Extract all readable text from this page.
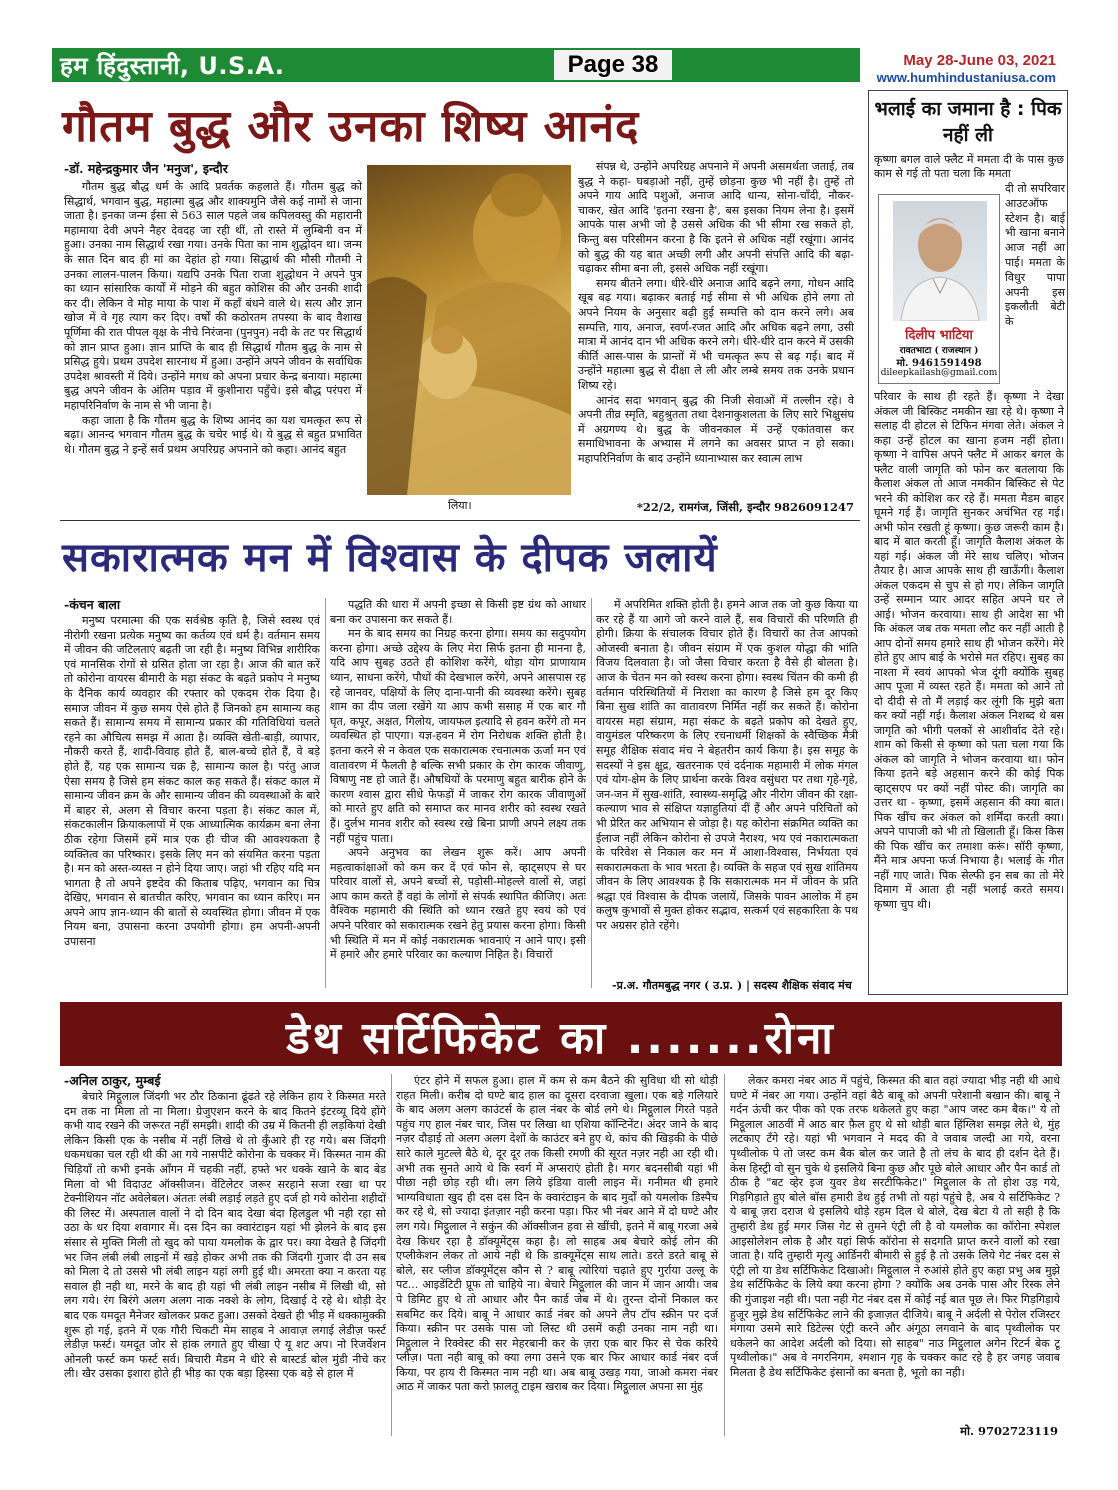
हम हिंदुस्तानी, U.S.A.	Page 38	May 28-June 03, 2021
www.humhindustaniusa.com
गौतम बुद्ध और उनका शिष्य आनंद
-डॉ. महेन्द्रकुमार जैन 'मनुज', इन्दौर

गौतम बुद्ध बौद्ध धर्म के आदि प्रवर्तक कहलाते हैं। गौतम बुद्ध को सिद्धार्थ, भगवान बुद्ध, महात्मा बुद्ध और शाक्यमुनि जैसे कई नामों से जाना जाता है। इनका जन्म ईसा से 563 साल पहले जब कपिलवस्तु की महारानी महामाया देवी अपने नैहर देवदह जा रही थीं, तो रास्ते में लुम्बिनी वन में हुआ। उनका नाम सिद्धार्थ रखा गया। उनके पिता का नाम शुद्धोदन था। जन्म के सात दिन बाद ही मां का देहांत हो गया। सिद्धार्थ की मौसी गौतमी ने उनका लालन-पालन किया। यद्यपि उनके पिता राजा शुद्धोधन ने अपने पुत्र का ध्यान सांसारिक कार्यों में मोड़ने की बहुत कोशिस की और उनकी शादी कर दी। लेकिन वे मोह माया के पाश में कहाँ बंधने वाले थे। सत्य और ज्ञान खोज में वे गृह त्याग कर दिए। वर्षों की कठोरतम तपस्या के बाद वैशाख पूर्णिमा की रात पीपल वृक्ष के नीचे निरंजना (पुनपुन) नदी के तट पर सिद्धार्थ को ज्ञान प्राप्त हुआ। ज्ञान प्राप्ति के बाद ही सिद्धार्थ गौतम बुद्ध के नाम से प्रसिद्ध हुये। प्रथम उपदेश सारनाथ में हुआ। उन्होंने अपने जीवन के सर्वाधिक उपदेश श्रावस्ती में दिये। उन्होंने मगध को अपना प्रचार केन्द्र बनाया। महात्मा बुद्ध अपने जीवन के अंतिम पड़ाव में कुशीनारा पहुँचे। इसे बौद्ध परंपरा में महापरिनिर्वाण के नाम से भी जाना है।

कहा जाता है कि गौतम बुद्ध के शिष्य आनंद का यश चमत्कृत रूप से बढ़ा। आनन्द भगवान गौतम बुद्ध के चचेर भाई थे। ये बुद्ध से बहुत प्रभावित थे। गौतम बुद्ध ने इन्हें सर्व प्रथम अपरिग्रह अपनाने को कहा। आनंद बहुत

लिया।

संपन्न थे, उन्होंने अपरिग्रह अपनाने में अपनी असमर्थता जताई, तब बुद्ध ने कहा- घबड़ाओ नहीं, तुम्हें छोड़ना कुछ भी नहीं है। तुम्हें तो अपने गाय आदि पशुओं, अनाज आदि धान्य, सोना-चाँदी, नौकर-चाकर, खेत आदि 'इतना रखना है', बस इसका नियम लेना है। इसमें आपके पास अभी जो है उससे अधिक की भी सीमा रख सकते हो, किन्तु बस परिसीमन करना है कि इतने से अधिक नहीं रखूंगा। आनंद को बुद्ध की यह बात अच्छी लगी और अपनी संपत्ति आदि की बढ़ा-चढ़ाकर सीमा बना ली, इससे अधिक नहीं रखूंगा।

समय बीतने लगा। धीरे-धीरे अनाज आदि बढ़ने लगा, गोधन आदि खूब बढ़ गया। बढ़ाकर बताई गई सीमा से भी अधिक होने लगा तो अपने नियम के अनुसार बढ़ी हुई सम्पत्ति को दान करने लगे। अब सम्पत्ति, गाय, अनाज, स्वर्ण-रजत आदि और अधिक बढ़ने लगा, उसी मात्रा में आनंद दान भी अधिक करने लगे। धीरे-धीरे दान करने में उसकी कीर्ति आस-पास के प्रान्तों में भी चमत्कृत रूप से बढ़ गई। बाद में उन्होंने महात्मा बुद्ध से दीक्षा ले ली और लम्बे समय तक उनके प्रधान शिष्य रहे।

आनंद सदा भगवान् बुद्ध की निजी सेवाओं में तल्लीन रहे। वे अपनी तीव्र स्मृति, बहुश्रुतता तथा देशनाकुशलता के लिए सारे भिक्षुसंघ में अग्रगण्य थे। बुद्ध के जीवनकाल में उन्हें एकांतवास कर समाधिभावना के अभ्यास में लगने का अवसर प्राप्त न हो सका। महापरिनिर्वाण के बाद उन्होंने ध्यानाभ्यास कर स्वात्म लाभ

*22/2, रामगंज, जिंसी, इन्दौर 9826091247
भलाई का जमाना है : पिक नहीं ली
कृष्णा बगल वाले फ्लैट में ममता दी के पास कुछ काम से गई तो पता चला कि ममता
दिलीप भाटिया
रावतभाटा ( राजस्थान )
मो. 9461591498
dileepkailash@gmail.com
दी तो सपरिवार आउटऑफ स्टेशन है। बाई भी खाना बनाने आज नहीं आ पाई। ममता के विधुर पापा अपनी इस इकलौती बेटी के
परिवार के साथ ही रहते हैं। कृष्णा ने देखा अंकल जी बिस्किट नमकीन खा रहे थे। कृष्णा ने सलाह दी होटल से टिफिन मंगवा लेते। अंकल ने कहा उन्हें होटल का खाना हजम नहीं होता। कृष्णा ने वापिस अपने फ्लैट में आकर बगल के फ्लैट वाली जागृति को फोन कर बतलाया कि कैलाश अंकल तो आज नमकीन बिस्किट से पेट भरने की कोशिश कर रहे हैं। ममता मैडम बाहर घूमने गई हैं। जागृति सुनकर अचंभित रह गई। अभी फोन रखती हूं कृष्णा। कुछ जरूरी काम है। बाद में बात करती हूँ। जागृति कैलाश अंकल के यहां गई। अंकल जी मेरे साथ चलिए। भोजन तैयार है। आज आपके साथ ही खाऊँगी। कैलाश अंकल एकदम से चुप से हो गए। लेकिन जागृति उन्हें सम्मान प्यार आदर सहित अपने घर ले आई। भोजन करवाया। साथ ही आदेश सा भी कि अंकल जब तक ममता लौट कर नहीं आती है आप दोनों समय हमारे साथ ही भोजन करेंगे। मेरे होते हुए आप बाई के भरोसे मत रहिए। सुबह का नाश्ता में स्वयं आपको भेज दूंगी क्योंकि सुबह आप पूजा में व्यस्त रहते हैं। ममता को आने तो दो दीदी से तो मैं लड़ाई कर लूंगी कि मुझे बता कर क्यों नहीं गई। कैलाश अंकल निशब्द थे बस जागृति को भीगी पलकों से आशीर्वाद देते रहे। शाम को किसी से कृष्णा को पता चला गया कि अंकल को जागृति ने भोजन करवाया था। फोन किया इतने बड़े अहसान करने की कोई पिक व्हाट्सएप पर क्यों नहीं पोस्ट की। जागृति का उत्तर था - कृष्णा, इसमें अहसान की क्या बात। पिक खींच कर अंकल को शर्मिंदा करती क्या। अपने पापाजी को भी तो खिलाती हूँ। किस किस की पिक खींच कर तमाशा करूं। सॉरी कृष्णा, मैंने मात्र अपना फर्ज निभाया है। भलाई के गीत नहीं गाए जाते। पिक सेल्फी इन सब का तो मेरे दिमाग में आता ही नहीं भलाई करते समय। कृष्णा चुप थी।
सकारात्मक मन में विश्वास के दीपक जलायें
-कंचन बाला

मनुष्य परमात्मा की एक सर्वश्रेष्ठ कृति है, जिसे स्वस्थ एवं नीरोगी रखना प्रत्येक मनुष्य का कर्तव्य एवं धर्म है। वर्तमान समय में जीवन की जटिलताएं बढ़ती जा रही है। मनुष्य विभिन्न शारीरिक एवं मानसिक रोगों से ग्रसित होता जा रहा है। आज की बात करें तो कोरोना वायरस बीमारी के महा संकट के बढ़ते प्रकोप ने मनुष्य के दैनिक कार्य व्यवहार की रफ्तार को एकदम रोक दिया है। समाज जीवन में कुछ समय ऐसे होते हैं जिनको हम सामान्य कह सकते हैं। सामान्य समय में सामान्य प्रकार की गतिविधियां चलते रहने का औचित्य समझ में आता है। व्यक्ति खेती-बाड़ी, व्यापार, नौकरी करते हैं, शादी-विवाह होते हैं, बाल-बच्चे होते हैं, वे बड़े होते हैं, यह एक सामान्य चक्र है, सामान्य काल है। परंतु आज ऐसा समय है जिसे हम संकट काल कह सकते हैं। संकट काल में सामान्य जीवन क्रम के और सामान्य जीवन की व्यवस्थाओं के बारे में बाहर से, अलग से विचार करना पड़ता है। संकट काल में, संकटकालीन क्रियाकलापों में एक आध्यात्मिक कार्यक्रम बना लेना ठीक रहेगा जिसमें हमें मात्र एक ही चीज की आवश्यकता है व्यक्तित्व का परिष्कार। इसके लिए मन को संयमित करना पड़ता है। मन को अस्त-व्यस्त न होने दिया जाए। जहां भी रहिए यदि मन भागता है तो अपने इष्टदेव की किताब पढ़िए, भगवान का चित्र देखिए, भगवान से बातचीत करिए, भगवान का ध्यान करिए। मन अपने आप ज्ञान-ध्यान की बातों से व्यवस्थित होगा। जीवन में एक नियम बना, उपासना करना उपयोगी होगा। हम अपनी-अपनी उपासना

पद्धति की धारा में अपनी इच्छा से किसी इष्ट ग्रंथ को आधार बना कर उपासना कर सकते हैं।

मन के बाद समय का निग्रह करना होगा। समय का सदुपयोग करना होगा। अच्छे उद्देश्य के लिए मेरा सिर्फ इतना ही मानना है, यदि आप सुबह उठते ही कोशिश करेंगे, थोड़ा योग प्राणायाम ध्यान, साधना करेंगे, पौधों की देखभाल करेंगे, अपने आसपास रह रहे जानवर, पक्षियों के लिए दाना-पानी की व्यवस्था करेंगे। सुबह शाम का दीप जला रखेंगे या आप कभी ससाह में एक बार गौ घृत, कपूर, अक्षत, गिलोय, जायफल इत्यादि से हवन करेंगे तो मन व्यवस्थित हो पाएगा। यज्ञ-हवन में रोग निरोधक शक्ति होती है। इतना करने से न केवल एक सकारात्मक रचनात्मक ऊर्जा मन एवं वातावरण में फैलती है बल्कि सभी प्रकार के रोग कारक जीवाणु, विषाणु नष्ट हो जाते हैं। औषधियों के परमाणु बहुत बारीक होने के कारण श्वास द्वारा सीधे फेफड़ों में जाकर रोग कारक जीवाणुओं को मारते हुए क्षति को समाप्त कर मानव शरीर को स्वस्थ रखते हैं। दुर्लभ मानव शरीर को स्वस्थ रखे बिना प्राणी अपने लक्ष्य तक नहीं पहुंच पाता।

अपने अनुभव का लेखन शुरू करें। आप अपनी महत्वाकांक्षाओं को कम कर दें एवं फोन से, व्हाट्सएप से घर परिवार वालों से, अपने बच्चों से, पड़ोसी-मोहल्ले वालों से, जहां आप काम करते हैं वहां के लोगों से संपर्क स्थापित कीजिए। अतः वैश्विक महामारी की स्थिति को ध्यान रखते हुए स्वयं को एवं अपने परिवार को सकारात्मक रखने हेतु प्रयास करना होगा। किसी भी स्थिति में मन में कोई नकारात्मक भावनाएं न आने पाए। इसी में हमारे और हमारे परिवार का कल्याण निहित है। विचारों

में अपरिमित शक्ति होती है। हमने आज तक जो कुछ किया या कर रहे हैं या आगे जो करने वाले हैं, सब विचारों की परिणति ही होगी। क्रिया के संचालक विचार होते हैं। विचारों का तेज आपको ओजस्वी बनाता है। जीवन संग्राम में एक कुशल योद्धा की भांति विजय दिलवाता है। जो जैसा विचार करता है वैसे ही बोलता है। आज के चेतन मन को स्वस्थ करना होगा। स्वस्थ चिंतन की कमी ही वर्तमान परिस्थितियों में निराशा का कारण है जिसे हम दूर किए बिना सुख शांति का वातावरण निर्मित नहीं कर सकते हैं। कोरोना वायरस महा संग्राम, महा संकट के बढ़ते प्रकोप को देखते हुए, वायुमंडल परिष्करण के लिए रचनाधर्मी शिक्षकों के स्वैच्छिक मैत्री समूह शैक्षिक संवाद मंच ने बेहतरीन कार्य किया है। इस समूह के सदस्यों ने इस क्षुद्र, खतरनाक एवं दर्दनाक महामारी में लोक मंगल एवं योग-क्षेम के लिए प्रार्थना करके विश्व वसुंधरा पर तथा गृहे-गृहे, जन-जन में सुख-शांति, स्वास्थ्य-समृद्धि और नीरोग जीवन की रक्षा-कल्याण भाव से संक्षिप्त यज्ञाहुतियां दीं हैं और अपने परिचितों को भी प्रेरित कर अभियान से जोड़ा है। यह कोरोना संक्रमित व्यक्ति का ईलाज नहीं लेकिन कोरोना से उपजे नैराश्य, भय एवं नकारात्मकता के परिवेश से निकाल कर मन में आशा-विश्वास, निर्भयता एवं सकारात्मकता के भाव भरता है। व्यक्ति के सहज एवं सुख शांतिमय जीवन के लिए आवश्यक है कि सकारात्मक मन में जीवन के प्रति श्रद्धा एवं विश्वास के दीपक जलायें, जिसके पावन आलोक में हम कलुष कुभावों से मुक्त होकर सद्भाव, सत्कर्म एवं सहकारिता के पथ पर अग्रसर होते रहेंगे।

-प्र.अ. गौतमबुद्ध नगर ( उ.प्र. ) | सदस्य शैक्षिक संवाद मंच
डेथ सर्टिफिकेट का .......रोना
-अनिल ठाकुर, मुम्बई

बेचारे मिट्ठूलाल जिंदगी भर ठौर ठिकाना ढूंढते रहे लेकिन हाय रे किस्मत मरते दम तक ना मिला तो ना मिला। ग्रेजुएशन करने के बाद कितने इंटरव्यू दिये होंगे कभी याद रखने की जरूरत नहीं समझी। शादी की उम्र में कितनी ही लड़कियां देखी लेकिन किसी एक के नसीब में नहीं लिखे थे तो कुँआरे ही रह गये। बस जिंदगी धकमधका चल रही थी की आ गये नासपीटे कोरोना के चक्कर में। किस्मत नाम की चिड़ियाँ तो कभी इनके आँगन में चहकी नहीं, हफ्ते भर धक्के खाने के बाद बेड मिला वो भी विदाउट ऑक्सीजन। वेंटिलेटर जरूर सरहाने सजा रखा था पर टेक्नीशियन नॉट अवेलेबल। अंततः लंबी लड़ाई लड़ते हुए दर्ज हो गये कोरोना शहीदों की लिस्ट में। अस्पताल वालों ने दो दिन बाद देखा बंदा हिलडुल भी नही रहा सो उठा के धर दिया शवागार में। दस दिन का क्वारंटाइन यहां भी झेलने के बाद इस संसार से मुक्ति मिली तो खुद को पाया यमलोक के द्वार पर। क्या देखते है जिंदगी भर जिन लंबी लंबी लाइनों में खड़े होकर अभी तक की जिंदगी गुजार दी उन सब को मिला दे तो उससे भी लंबी लाइन यहां लगी हुई थी। अमरता क्या न करता यह सवाल ही नही था, मरने के बाद ही यहां भी लंबी लाइन नसीब में लिखी थी, सो लग गये। रंग बिरंगे अलग अलग नाक नक्शे के लोग, दिखाई दे रहे थे। थोड़ी देर बाद एक यमदूत मैनेजर खोलकर प्रकट हुआ। उसको देखते ही भीड़ में धक्कामुक्की शुरू हो गई, इतने में एक गौरी चिकटी मेम साहब ने आवाज़ लगाई लेडीज़ फर्स्ट लेडीज़ फर्स्ट। यमदूत जोर से हांक लगाते हुए चीखा ऐ यू शट अप। नो रिजर्वेशन ओनली फर्स्ट कम फर्स्ट सर्व। बिचारी मैडम ने धीरे से बास्टर्ड बोल मुंडी नीचे कर ली। खैर उसका इशारा होते ही भीड़ का एक बड़ा हिस्सा एक बड़े से हाल में

एंटर होने में सफल हुआ। हाल में कम से कम बैठने की सुविधा थी सो थोड़ी राहत मिली। करीब दो घण्टे बाद हाल का दूसरा दरवाजा खुला। एक बड़े गलियारे के बाद अलग अलग काउंटर्स के हाल नंबर के बोर्ड लगे थे। मिट्ठूलाल गिरते पड़ते पहुंच गए हाल नंबर चार, जिस पर लिखा था एशिया कॉन्टिनेंट। अंदर जाने के बाद नज़र दौड़ाई तो अलग अलग देशों के काउंटर बने हुए थे, कांच की खिड़की के पीछे सारे काले मुटल्ले बैठे थे, दूर दूर तक किसी रमणी की सूरत नज़र नही आ रही थी। अभी तक सुनते आये थे कि स्वर्ग में अप्सराएं होती है। मगर बदनसीबी यहां भी पीछा नही छोड़ रही थी। लग लिये इंडिया वाली लाइन में। गनीमत थी हमारे भाग्यविधाता खुद ही दस दस दिन के क्वारंटाइन के बाद मुर्दों को यमलोक डिस्पैच कर रहे थे, सो ज्यादा इंतज़ार नही करना पड़ा। फिर भी नंबर आने में दो घण्टे और लग गये। मिट्ठूलाल ने सकुंन की ऑक्सीजन हवा से खींची, इतने में बाबू गरजा अबे देख किधर रहा है डॉक्यूमेंट्स कहा है। लो साहब अब बेचारे कोई लोन की एप्लीकेशन लेकर तो आये नही थे कि डाक्यूमेंट्स साथ लाते। डरते डरते बाबू से बोले, सर प्लीज डॉक्यूमेंट्स कौन से ? बाबू त्योरियां चढ़ाते हुए गुर्राया उल्लू के पट... आइडेंटिटी प्रूफ तो चाहिये ना। बेचारे मिट्ठूलाल की जान में जान आयी। जब पे डिमिट हुए थे तो आधार और पैन कार्ड जेब में थे। तुरन्त दोनों निकाल कर सबमिट कर दिये। बाबू ने आधार कार्ड नंबर को अपने लैप टॉप स्क्रीन पर दर्ज किया। स्क्रीन पर उसके पास जो लिस्ट थी उसमें कही उनका नाम नही था। मिट्ठूलाल ने रिक्वेस्ट की सर मेहरबानी कर के ज़रा एक बार फिर से चेक करिये प्लीज़। पता नही बाबू को क्या लगा उसने एक बार फिर आधार कार्ड नंबर दर्ज किया, पर हाय री किस्मत नाम नही था। अब बाबू उखड़ गया, जाओ कमरा नंबर आठ में जाकर पता करो फ़ालतू टाइम खराब कर दिया। मिट्ठूलाल अपना सा मुंह

लेकर कमरा नंबर आठ में पहुंचे, किस्मत की बात वहां ज्यादा भीड़ नही थी आधे घण्टे में नंबर आ गया। उन्होंने वहां बैठे बाबू को अपनी परेशानी बखान की। बाबू ने गर्दन ऊंची कर पीक को एक तरफ थकेलते हुए कहा "आप जस्ट कम बैक।" ये तो मिट्ठूलाल आठवीं में आठ बार फ़ैल हुए थे सो थोड़ी बात हिंग्लिश समझ लेते थे, मुंह लटकाए टँगे रहे। यहां भी भगवान ने मदद की वे जवाब जल्दी आ गये, वरना पृथ्वीलोक पे तो जस्ट कम बैक बोल कर जाते है तो लंच के बाद ही दर्शन देते हैं। केस हिस्ट्री वो सुन चुके थे इसलिये बिना कुछ और पूछे बोले आधार और पैन कार्ड तो ठीक है "बट व्हेर इज युवर डेथ सरटीफिकेट।" मिट्ठूलाल के तो होश उड़ गये, गिड़गिड़ाते हुए बोले बॉस हमारी डेथ हुई तभी तो यहां पहुंचे है, अब ये सर्टिफिकेट ? ये बाबू ज़रा दराज थे इसलिये थोड़े रहम दिल थे बोले, देख बेटा ये तो सही है कि तुम्हारी डेथ हुई मगर जिस गेट से तुमने एंट्री ली है वो यमलोक का कॉरोना स्पेशल आइसोलेशन लोक है और यहां सिर्फ कॉरोना से सदगति प्राप्त करने वालों को रखा जाता है। यदि तुम्हारी मृत्यु आर्डिनरी बीमारी से हुई है तो उसके लिये गेट नंबर दस से एंट्री लो या डेथ सर्टिफिकेट दिखाओ। मिट्ठूलाल ने रुआंसे होते हुए कहा प्रभु अब मुझे डेथ सर्टिफिकेट के लिये क्या करना होगा ? क्योंकि अब उनके पास और रिस्क लेने की गुंजाइश नही थी। पता नही गेट नंबर दस में कोई नई बात पूछ ले। फिर गिड़गिड़ाये हुजूर मुझे डेथ सर्टिफिकेट लाने की इजाज़त दीजिये। बाबू ने अर्दली से पेरोल रजिस्टर मंगाया उसमे सारे डिटेल्स एंट्री करने और अंगूठा लगवाने के बाद पृथ्वीलोक पर धकेलने का आदेश अर्दली को दिया। सो साहब" नाउ मिट्ठूलाल अगेन रिटर्न बेक टू पृथ्वीलोक।" अब वे नगरनिगम, श्मशान गृह के चक्कर काट रहे है हर जगह जवाब मिलता है डेथ सर्टिफिकेट इंसानों का बनता है, भूतो का नही।

मो. 9702723119
